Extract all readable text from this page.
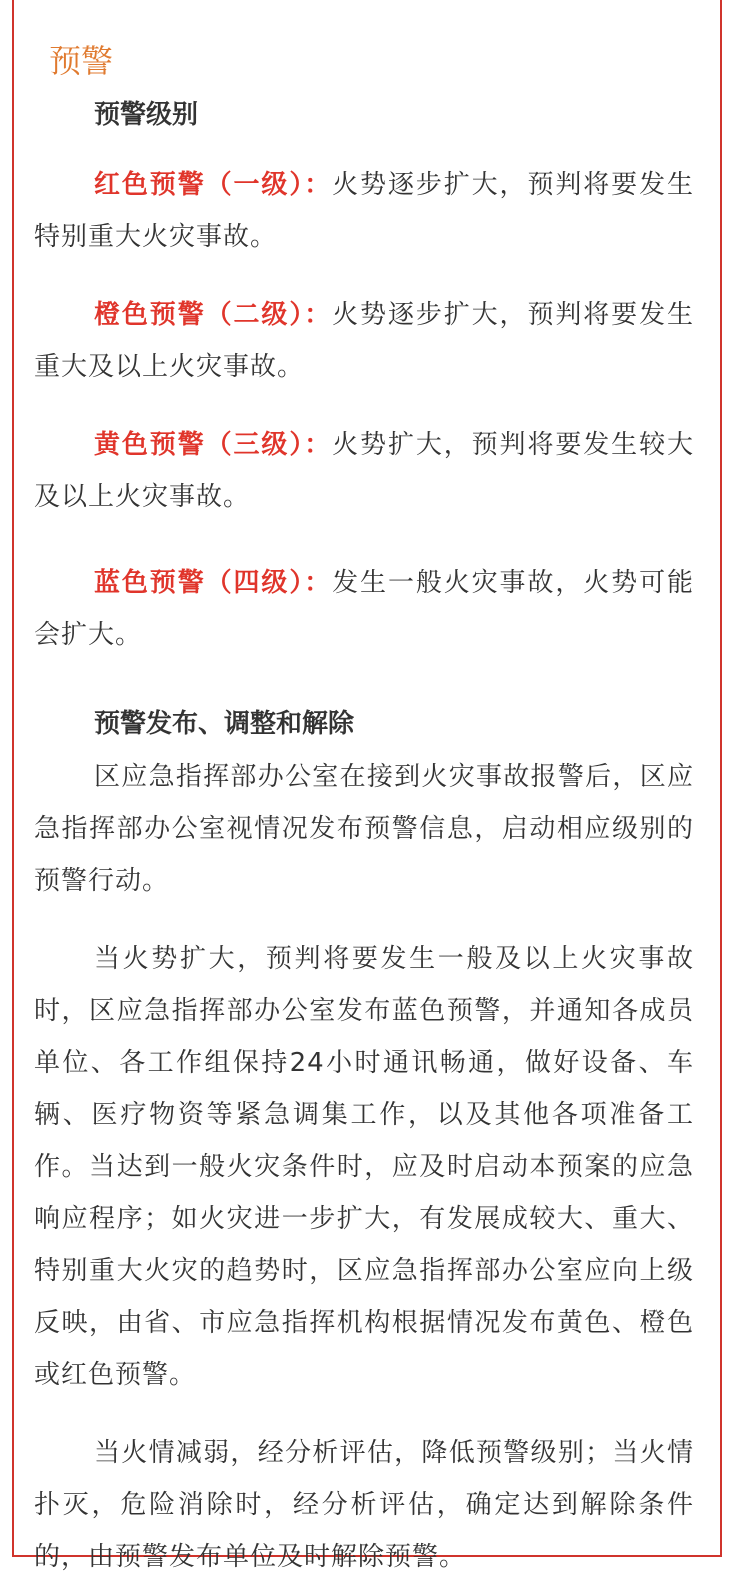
预警
预警级别

红色预警（一级）：火势逐步扩大，预判将要发生特别重大火灾事故。

橙色预警（二级）：火势逐步扩大，预判将要发生重大及以上火灾事故。

黄色预警（三级）：火势扩大，预判将要发生较大及以上火灾事故。

蓝色预警（四级）：发生一般火灾事故，火势可能会扩大。

预警发布、调整和解除

区应急指挥部办公室在接到火灾事故报警后，区应急指挥部办公室视情况发布预警信息，启动相应级别的预警行动。

当火势扩大，预判将要发生一般及以上火灾事故时，区应急指挥部办公室发布蓝色预警，并通知各成员单位、各工作组保持24小时通讯畅通，做好设备、车辆、医疗物资等紧急调集工作，以及其他各项准备工作。当达到一般火灾条件时，应及时启动本预案的应急响应程序；如火灾进一步扩大，有发展成较大、重大、特别重大火灾的趋势时，区应急指挥部办公室应向上级反映，由省、市应急指挥机构根据情况发布黄色、橙色或红色预警。

当火情减弱，经分析评估，降低预警级别；当火情扑灭，危险消除时，经分析评估，确定达到解除条件的，由预警发布单位及时解除预警。
